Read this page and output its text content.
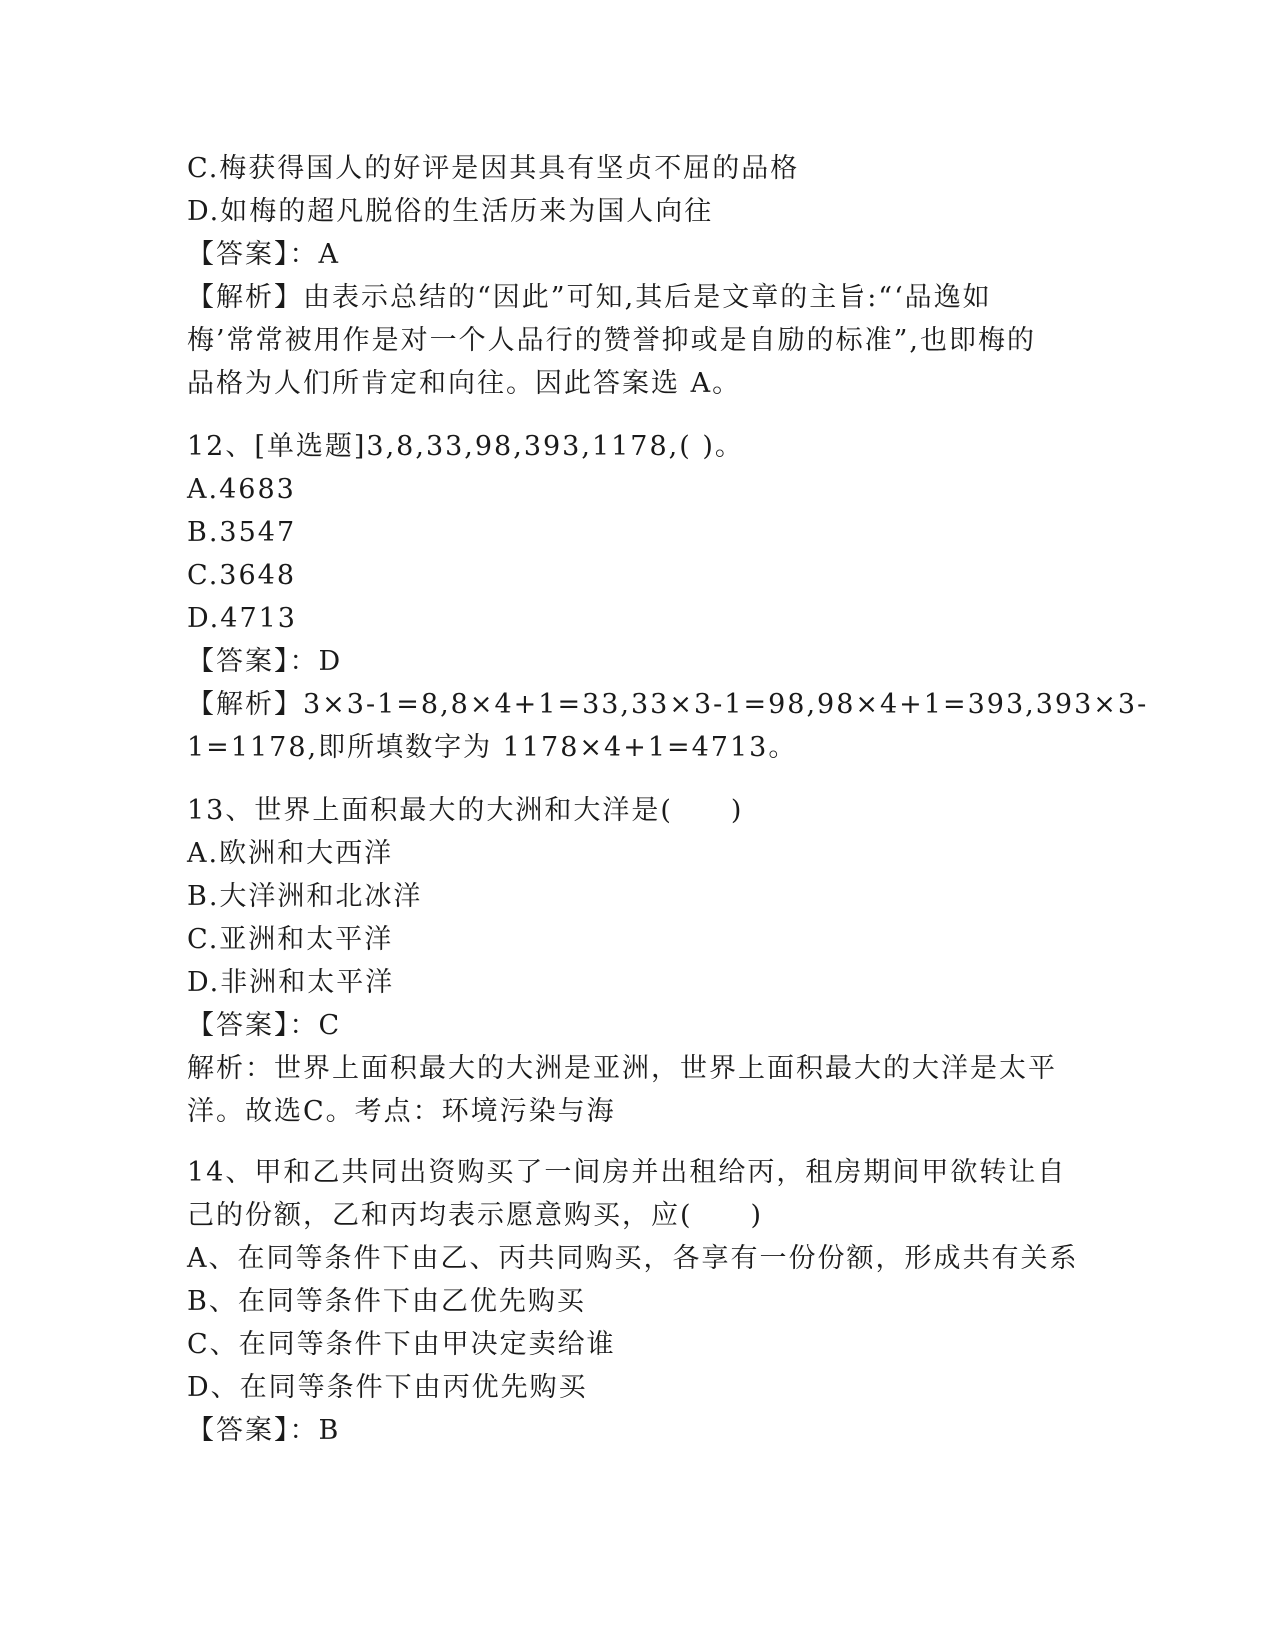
C.梅获得国人的好评是因其具有坚贞不屈的品格
D.如梅的超凡脱俗的生活历来为国人向往
【答案】：A
【解析】由表示总结的“因此”可知,其后是文章的主旨:“‘品逸如
梅’常常被用作是对一个人品行的赞誉抑或是自励的标准”,也即梅的
品格为人们所肯定和向往。因此答案选 A。
12、[单选题]3,8,33,98,393,1178,( )。
A.4683
B.3547
C.3648
D.4713
【答案】：D
【解析】3×3-1=8,8×4+1=33,33×3-1=98,98×4+1=393,393×3-
1=1178,即所填数字为 1178×4+1=4713。
13、世界上面积最大的大洲和大洋是(　　)
A.欧洲和大西洋
B.大洋洲和北冰洋
C.亚洲和太平洋
D.非洲和太平洋
【答案】：C
解析：世界上面积最大的大洲是亚洲，世界上面积最大的大洋是太平
洋。故选C。考点：环境污染与海
14、甲和乙共同出资购买了一间房并出租给丙，租房期间甲欲转让自
己的份额，乙和丙均表示愿意购买，应(　　)
A、在同等条件下由乙、丙共同购买，各享有一份份额，形成共有关系
B、在同等条件下由乙优先购买
C、在同等条件下由甲决定卖给谁
D、在同等条件下由丙优先购买
【答案】：B
